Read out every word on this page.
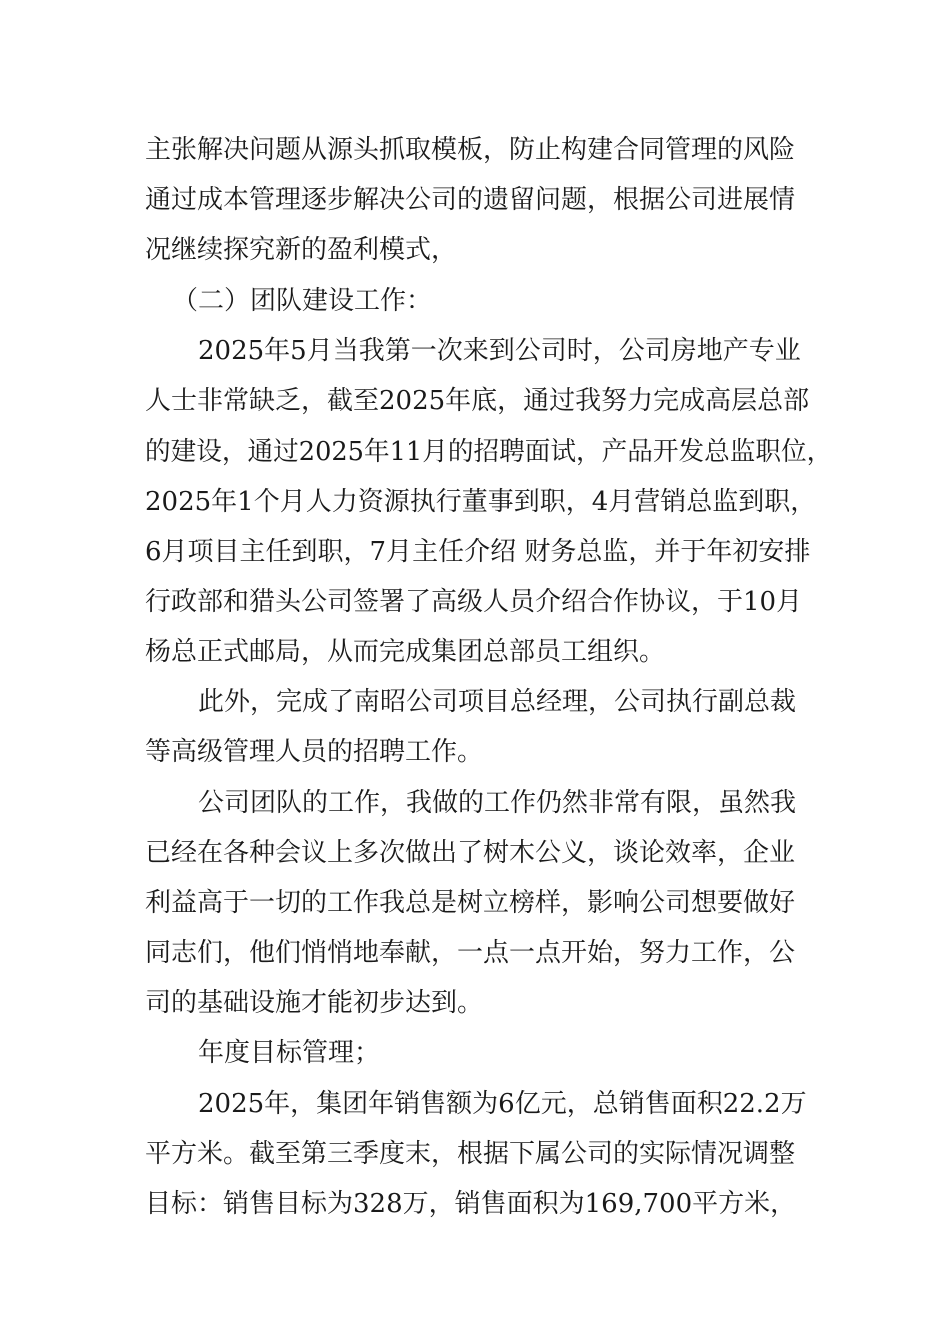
主张解决问题从源头抓取模板，防止构建合同管理的风险
通过成本管理逐步解决公司的遗留问题，根据公司进展情
况继续探究新的盈利模式，
（二）团队建设工作：
2025年5月当我第一次来到公司时，公司房地产专业
人士非常缺乏，截至2025年底，通过我努力完成高层总部
的建设，通过2025年11月的招聘面试，产品开发总监职位，
2025年1个月人力资源执行董事到职，4月营销总监到职，
6月项目主任到职，7月主任介绍 财务总监，并于年初安排
行政部和猎头公司签署了高级人员介绍合作协议，于10月
杨总正式邮局，从而完成集团总部员工组织。
此外，完成了南昭公司项目总经理，公司执行副总裁
等高级管理人员的招聘工作。
公司团队的工作，我做的工作仍然非常有限，虽然我
已经在各种会议上多次做出了树木公义，谈论效率，企业
利益高于一切的工作我总是树立榜样，影响公司想要做好
同志们，他们悄悄地奉献，一点一点开始，努力工作，公
司的基础设施才能初步达到。
年度目标管理；
2025年，集团年销售额为6亿元，总销售面积22.2万
平方米。截至第三季度末，根据下属公司的实际情况调整
目标：销售目标为328万，销售面积为169,700平方米，
